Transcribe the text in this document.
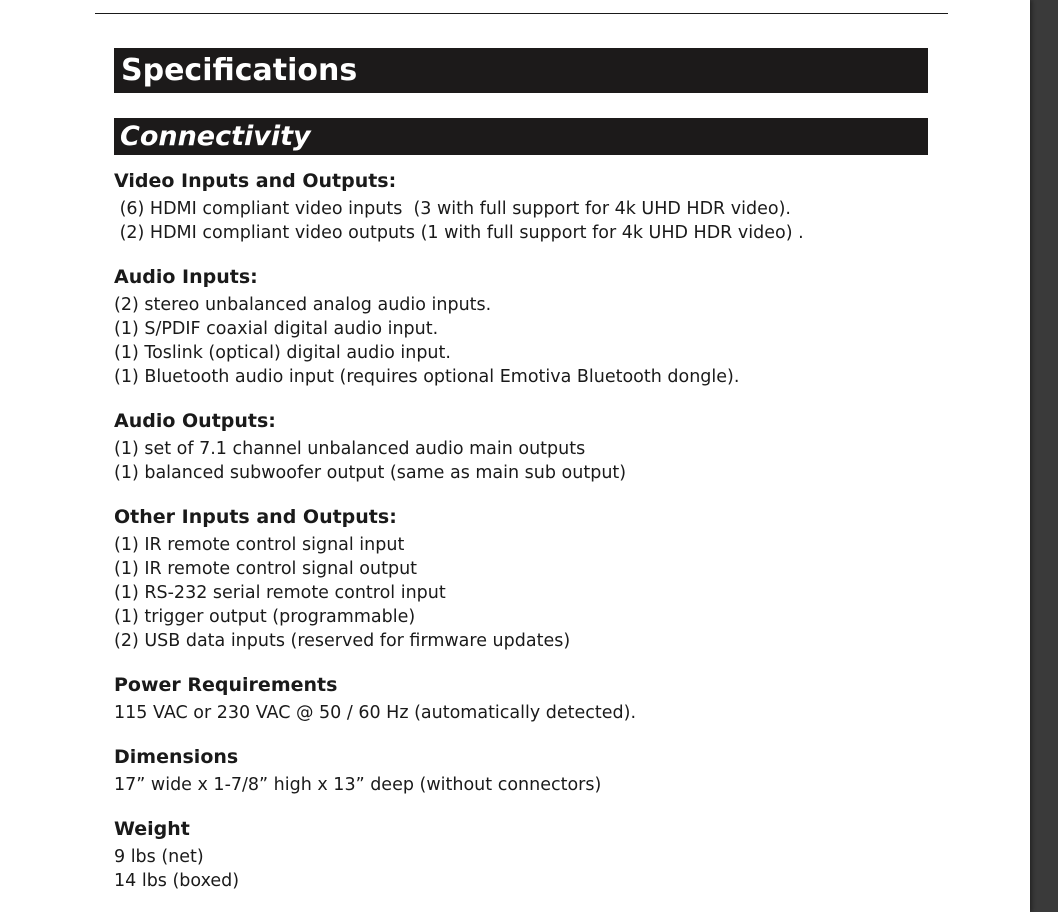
Specifications
Connectivity
Video Inputs and Outputs:
(6) HDMI compliant video inputs  (3 with full support for 4k UHD HDR video).
(2) HDMI compliant video outputs (1 with full support for 4k UHD HDR video) .
Audio Inputs:
(2) stereo unbalanced analog audio inputs.
(1) S/PDIF coaxial digital audio input.
(1) Toslink (optical) digital audio input.
(1) Bluetooth audio input (requires optional Emotiva Bluetooth dongle).
Audio Outputs:
(1) set of 7.1 channel unbalanced audio main outputs
(1) balanced subwoofer output (same as main sub output)
Other Inputs and Outputs:
(1) IR remote control signal input
(1) IR remote control signal output
(1) RS-232 serial remote control input
(1) trigger output (programmable)
(2) USB data inputs (reserved for firmware updates)
Power Requirements
115 VAC or 230 VAC @ 50 / 60 Hz (automatically detected).
Dimensions
17” wide x 1-7/8” high x 13” deep (without connectors)
Weight
9 lbs (net)
14 lbs (boxed)
